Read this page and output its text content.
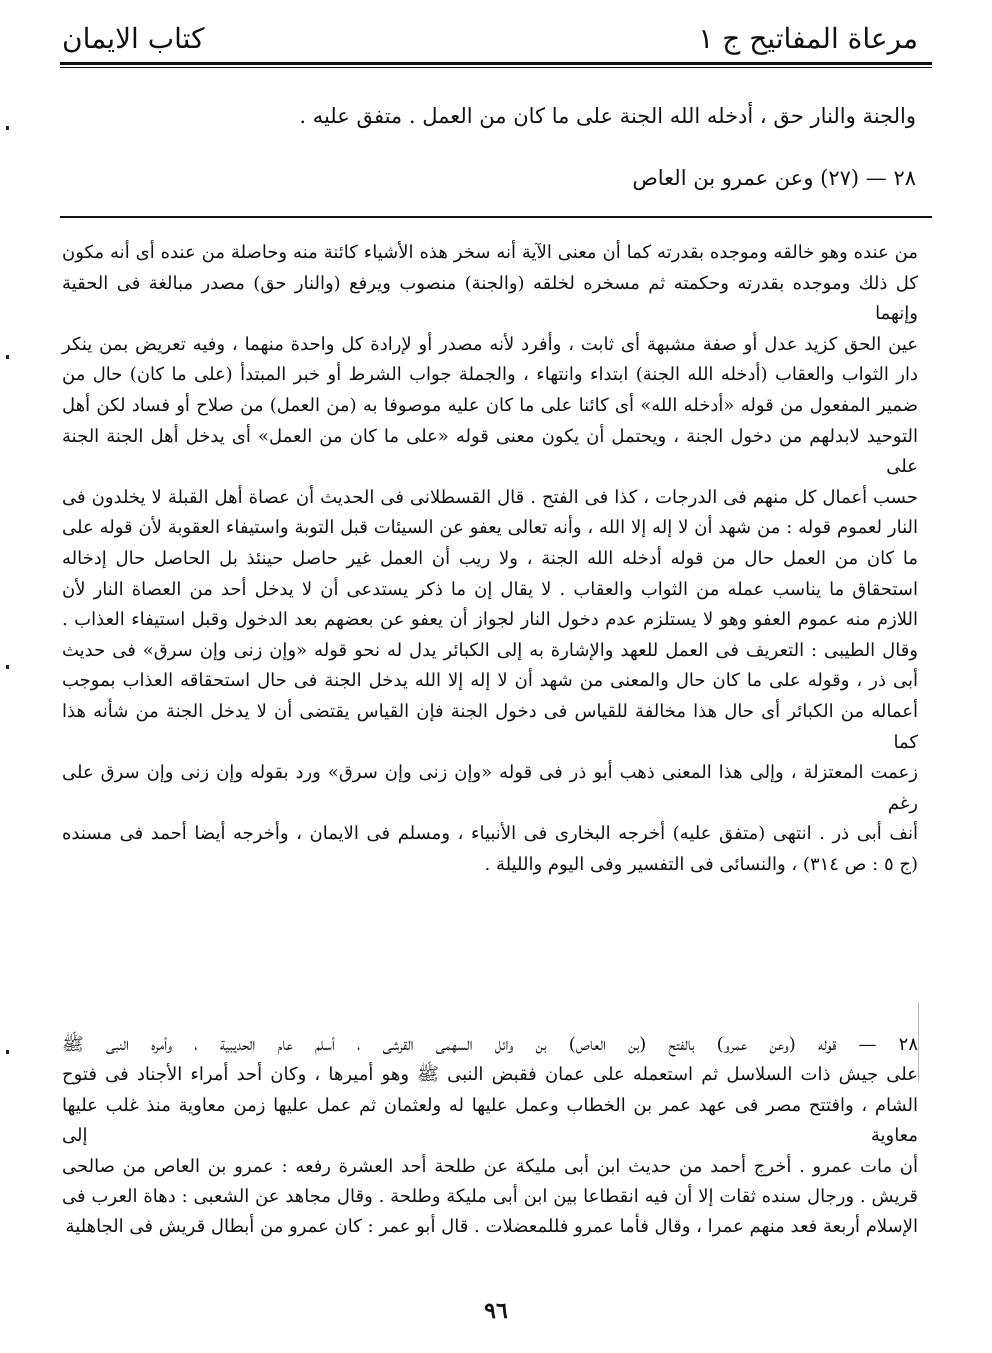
مرعاة المفاتيح ج ١
كتاب الايمان

والجنة والنار حق ، أدخله الله الجنة على ما كان من العمل . متفق عليه .

٢٨ — (٢٧) وعن عمرو بن العاص

من عنده وهو خالقه وموجده بقدرته كما أن معنى الآية أنه سخر هذه الأشياء كائنة منه وحاصلة من عنده أى أنه مكون

كل ذلك وموجده بقدرته وحكمته ثم مسخره لخلقه (والجنة) منصوب ويرفع (والنار حق) مصدر مبالغة فى الحقية وإنهما

عين الحق كزيد عدل أو صفة مشبهة أى ثابت ، وأفرد لأنه مصدر أو لإرادة كل واحدة منهما ، وفيه تعريض بمن ينكر

دار الثواب والعقاب (أدخله الله الجنة) ابتداء وانتهاء ، والجملة جواب الشرط أو خبر المبتدأ (على ما كان) حال من

ضمير المفعول من قوله «أدخله الله» أى كائنا على ما كان عليه موصوفا به (من العمل) من صلاح أو فساد لكن أهل

التوحيد لابدلهم من دخول الجنة ، ويحتمل أن يكون معنى قوله «على ما كان من العمل» أى يدخل أهل الجنة الجنة على

حسب أعمال كل منهم فى الدرجات ، كذا فى الفتح . قال القسطلانى فى الحديث أن عصاة أهل القبلة لا يخلدون فى

النار لعموم قوله : من شهد أن لا إله إلا الله ، وأنه تعالى يعفو عن السيئات قبل التوبة واستيفاء العقوبة لأن قوله على

ما كان من العمل حال من قوله أدخله الله الجنة ، ولا ريب أن العمل غير حاصل حينئذ بل الحاصل حال إدخاله

استحقاق ما يناسب عمله من الثواب والعقاب . لا يقال إن ما ذكر يستدعى أن لا يدخل أحد من العصاة النار لأن

اللازم منه عموم العفو وهو لا يستلزم عدم دخول النار لجواز أن يعفو عن بعضهم بعد الدخول وقبل استيفاء العذاب .

وقال الطيبى : التعريف فى العمل للعهد والإشارة به إلى الكبائر يدل له نحو قوله «وإن زنى وإن سرق» فى حديث

أبى ذر ، وقوله على ما كان حال والمعنى من شهد أن لا إله إلا الله يدخل الجنة فى حال استحقاقه العذاب بموجب

أعماله من الكبائر أى حال هذا مخالفة للقياس فى دخول الجنة فإن القياس يقتضى أن لا يدخل الجنة من شأنه هذا كما

زعمت المعتزلة ، وإلى هذا المعنى ذهب أبو ذر فى قوله «وإن زنى وإن سرق» ورد بقوله وإن زنى وإن سرق على رغم

أنف أبى ذر . انتهى (متفق عليه) أخرجه البخارى فى الأنبياء ، ومسلم فى الايمان ، وأخرجه أيضا أحمد فى مسنده

(ج ٥ : ص ٣١٤) ، والنسائى فى التفسير وفى اليوم والليلة .

٢٨ — قوله (وعن عمرو) بالفتح (بن العاص) بن وائل السهمى القرشى ، أسلم عام الحديبية ، وأمره النبى ﷺ

على جيش ذات السلاسل ثم استعمله على عمان فقبض النبى ﷺ وهو أميرها ، وكان أحد أمراء الأجناد فى فتوح

الشام ، وافتتح مصر فى عهد عمر بن الخطاب وعمل عليها له ولعثمان ثم عمل عليها زمن معاوية منذ غلب عليها معاوية إلى

أن مات عمرو . أخرج أحمد من حديث ابن أبى مليكة عن طلحة أحد العشرة رفعه : عمرو بن العاص من صالحى

قريش . ورجال سنده ثقات إلا أن فيه انقطاعا بين ابن أبى مليكة وطلحة . وقال مجاهد عن الشعبى : دهاة العرب فى

الإسلام أربعة فعد منهم عمرا ، وقال فأما عمرو فللمعضلات . قال أبو عمر : كان عمرو من أبطال قريش فى الجاهلية

٩٦
